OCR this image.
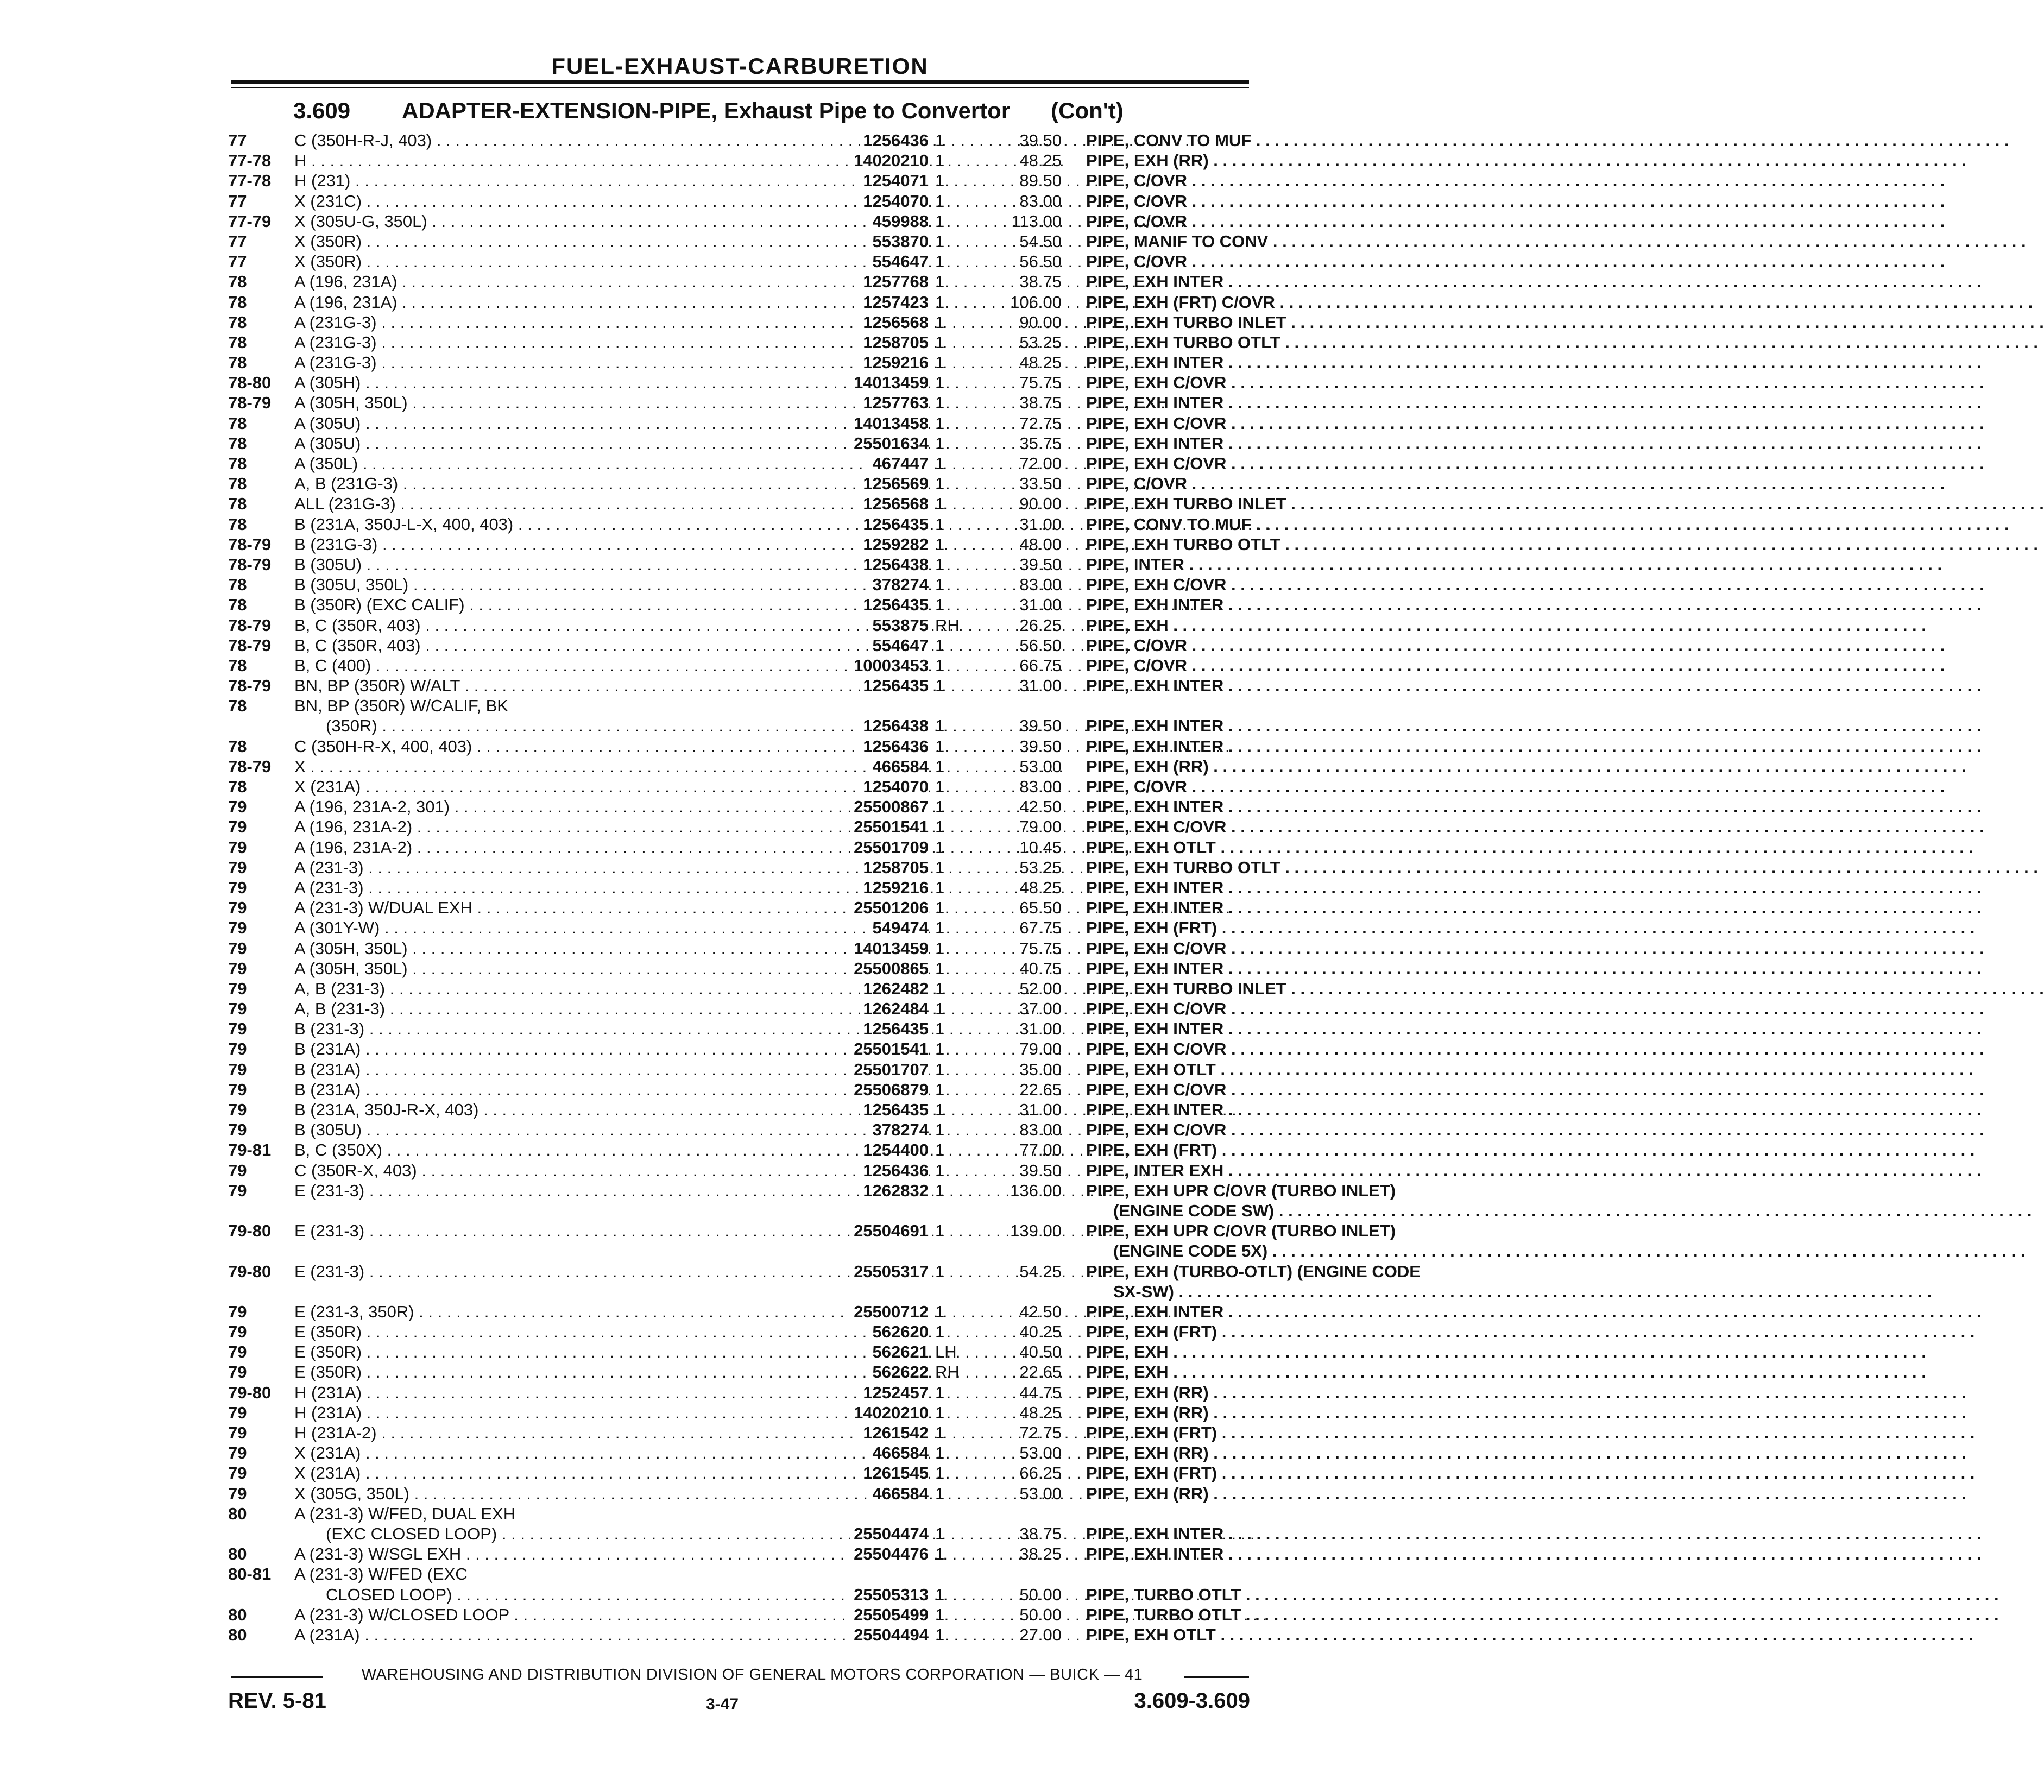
FUEL-EXHAUST-CARBURETION
3.609	ADAPTER-EXTENSION-PIPE, Exhaust Pipe to Convertor (Con't)
77	C (350H-R-J, 403) . . .	1256436 1	39.50 PIPE, CONV TO MUF . . .
77-78	H . . .	14020210 1	48.25 PIPE, EXH (RR) . . .
77-78	H (231) . . .	1254071 1	89.50 PIPE, C/OVR . . .
77	X (231C) . . .	1254070 1	83.00 PIPE, C/OVR . . .
77-79	X (305U-G, 350L) . . .	459988 1	113.00 PIPE, C/OVR . . .
77	X (350R) . . .	553870 1	54.50 PIPE, MANIF TO CONV . . .
77	X (350R) . . .	554647 1	56.50 PIPE, C/OVR . . .
78	A (196, 231A) . . .	1257768 1	38.75 PIPE, EXH INTER . . .
78	A (196, 231A) . . .	1257423 1	106.00 PIPE, EXH (FRT) C/OVR . . .
78	A (231G-3) . . .	1256568 1	90.00 PIPE, EXH TURBO INLET . . .
78	A (231G-3) . . .	1258705 1	53.25 PIPE, EXH TURBO OTLT . . .
78	A (231G-3) . . .	1259216 1	48.25 PIPE, EXH INTER . . .
78-80	A (305H) . . .	14013459 1	75.75 PIPE, EXH C/OVR . . .
78-79	A (305H, 350L) . . .	1257763 1	38.75 PIPE, EXH INTER . . .
78	A (305U) . . .	14013458 1	72.75 PIPE, EXH C/OVR . . .
78	A (305U) . . .	25501634 1	35.75 PIPE, EXH INTER . . .
78	A (350L) . . .	467447 1	72.00 PIPE, EXH C/OVR . . .
78	A, B (231G-3) . . .	1256569 1	33.50 PIPE, C/OVR . . .
78	ALL (231G-3) . . .	1256568 1	90.00 PIPE, EXH TURBO INLET . . .
78	B (231A, 350J-L-X, 400, 403) . . .	1256435 1	31.00 PIPE, CONV TO MUF . . .
78-79	B (231G-3) . . .	1259282 1	48.00 PIPE, EXH TURBO OTLT . . .
78-79	B (305U) . . .	1256438 1	39.50 PIPE, INTER . . .
78	B (305U, 350L) . . .	378274 1	83.00 PIPE, EXH C/OVR . . .
78	B (350R) (EXC CALIF) . . .	1256435 1	31.00 PIPE, EXH INTER . . .
78-79	B, C (350R, 403) . . .	553875 RH	26.25 PIPE, EXH . . .
78-79	B, C (350R, 403) . . .	554647 1	56.50 PIPE, C/OVR . . .
78	B, C (400) . . .	10003453 1	66.75 PIPE, C/OVR . . .
78-79	BN, BP (350R) W/ALT . . .	1256435 1	31.00 PIPE, EXH INTER . . .
78	BN, BP (350R) W/CALIF, BK
(350R) . . .	1256438 1	39.50 PIPE, EXH INTER . . .
78	C (350H-R-X, 400, 403) . . .	1256436 1	39.50 PIPE, EXH INTER . . .
78-79	X . . .	466584 1	53.00 PIPE, EXH (RR) . . .
78	X (231A) . . .	1254070 1	83.00 PIPE, C/OVR . . .
79	A (196, 231A-2, 301) . . .	25500867 1	42.50 PIPE, EXH INTER . . .
79	A (196, 231A-2) . . .	25501541 1	79.00 PIPE, EXH C/OVR . . .
79	A (196, 231A-2) . . .	25501709 1	10.45 PIPE, EXH OTLT . . .
79	A (231-3) . . .	1258705 1	53.25 PIPE, EXH TURBO OTLT . . .
79	A (231-3) . . .	1259216 1	48.25 PIPE, EXH INTER . . .
79	A (231-3) W/DUAL EXH . . .	25501206 1	65.50 PIPE, EXH INTER . . .
79	A (301Y-W) . . .	549474 1	67.75 PIPE, EXH (FRT) . . .
79	A (305H, 350L) . . .	14013459 1	75.75 PIPE, EXH C/OVR . . .
79	A (305H, 350L) . . .	25500865 1	40.75 PIPE, EXH INTER . . .
79	A, B (231-3) . . .	1262482 1	52.00 PIPE, EXH TURBO INLET . . .
79	A, B (231-3) . . .	1262484 1	37.00 PIPE, EXH C/OVR . . .
79	B (231-3) . . .	1256435 1	31.00 PIPE, EXH INTER . . .
79	B (231A) . . .	25501541 1	79.00 PIPE, EXH C/OVR . . .
79	B (231A) . . .	25501707 1	35.00 PIPE, EXH OTLT . . .
79	B (231A) . . .	25506879 1	22.65 PIPE, EXH C/OVR . . .
79	B (231A, 350J-R-X, 403) . . .	1256435 1	31.00 PIPE, EXH INTER . . .
79	B (305U) . . .	378274 1	83.00 PIPE, EXH C/OVR . . .
79-81	B, C (350X) . . .	1254400 1	77.00 PIPE, EXH (FRT) . . .
79	C (350R-X, 403) . . .	1256436 1	39.50 PIPE, INTER EXH . . .
79	E (231-3) . . .	1262832 1	136.00 PIPE, EXH UPR C/OVR (TURBO INLET)
(ENGINE CODE SW) . . .
79-80	E (231-3) . . .	25504691 1	139.00 PIPE, EXH UPR C/OVR (TURBO INLET)
(ENGINE CODE 5X) . . .
79-80	E (231-3) . . .	25505317 1	54.25 PIPE, EXH (TURBO-OTLT) (ENGINE CODE
SX-SW) . . .
79	E (231-3, 350R) . . .	25500712 1	42.50 PIPE, EXH INTER . . .
79	E (350R) . . .	562620 1	40.25 PIPE, EXH (FRT) . . .
79	E (350R) . . .	562621 LH	40.50 PIPE, EXH . . .
79	E (350R) . . .	562622 RH	22.65 PIPE, EXH . . .
79-80	H (231A) . . .	1252457 1	44.75 PIPE, EXH (RR) . . .
79	H (231A) . . .	14020210 1	48.25 PIPE, EXH (RR) . . .
79	H (231A-2) . . .	1261542 1	72.75 PIPE, EXH (FRT) . . .
79	X (231A) . . .	466584 1	53.00 PIPE, EXH (RR) . . .
79	X (231A) . . .	1261545 1	66.25 PIPE, EXH (FRT) . . .
79	X (305G, 350L) . . .	466584 1	53.00 PIPE, EXH (RR) . . .
80	A (231-3) W/FED, DUAL EXH
(EXC CLOSED LOOP) . . .	25504474 1	38.75 PIPE, EXH INTER . . .
80	A (231-3) W/SGL EXH . . .	25504476 1	38.25 PIPE, EXH INTER . . .
80-81	A (231-3) W/FED (EXC
CLOSED LOOP) . . .	25505313 1	50.00 PIPE, TURBO OTLT . . .
80	A (231-3) W/CLOSED LOOP . . .	25505499 1	50.00 PIPE, TURBO OTLT . . .
80	A (231A) . . .	25504494 1	27.00 PIPE, EXH OTLT . . .
WAREHOUSING AND DISTRIBUTION DIVISION OF GENERAL MOTORS CORPORATION — BUICK — 41
REV. 5-81	3-47	3.609-3.609
